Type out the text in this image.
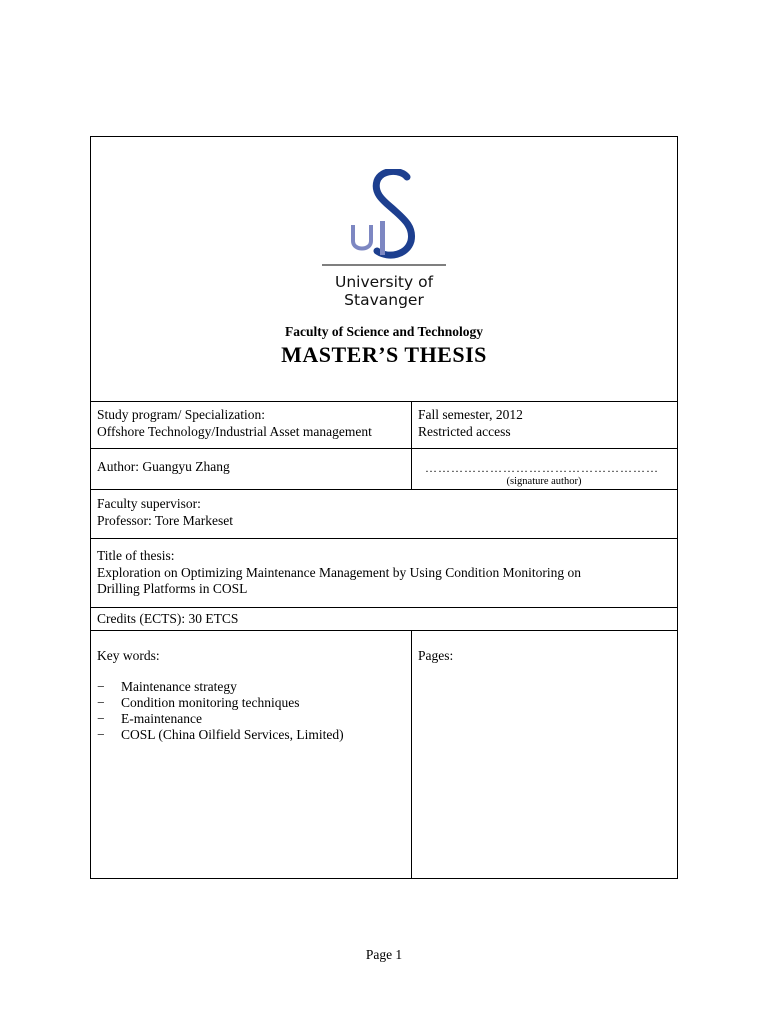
University of
Stavanger
Faculty of Science and Technology
MASTER’S THESIS

Study program/ Specialization:

Offshore Technology/Industrial Asset management

Fall semester, 2012

Restricted access

Author: Guangyu Zhang	………………………………………………
(signature author)

Faculty supervisor:

Professor: Tore Markeset

Title of thesis:

Exploration on Optimizing Maintenance Management by Using Condition Monitoring on

Drilling Platforms in COSL

Credits (ECTS): 30 ETCS

Key words:

− Maintenance strategy
− Condition monitoring techniques
− E-maintenance
− COSL (China Oilfield Services, Limited)

Pages:

Page 1
